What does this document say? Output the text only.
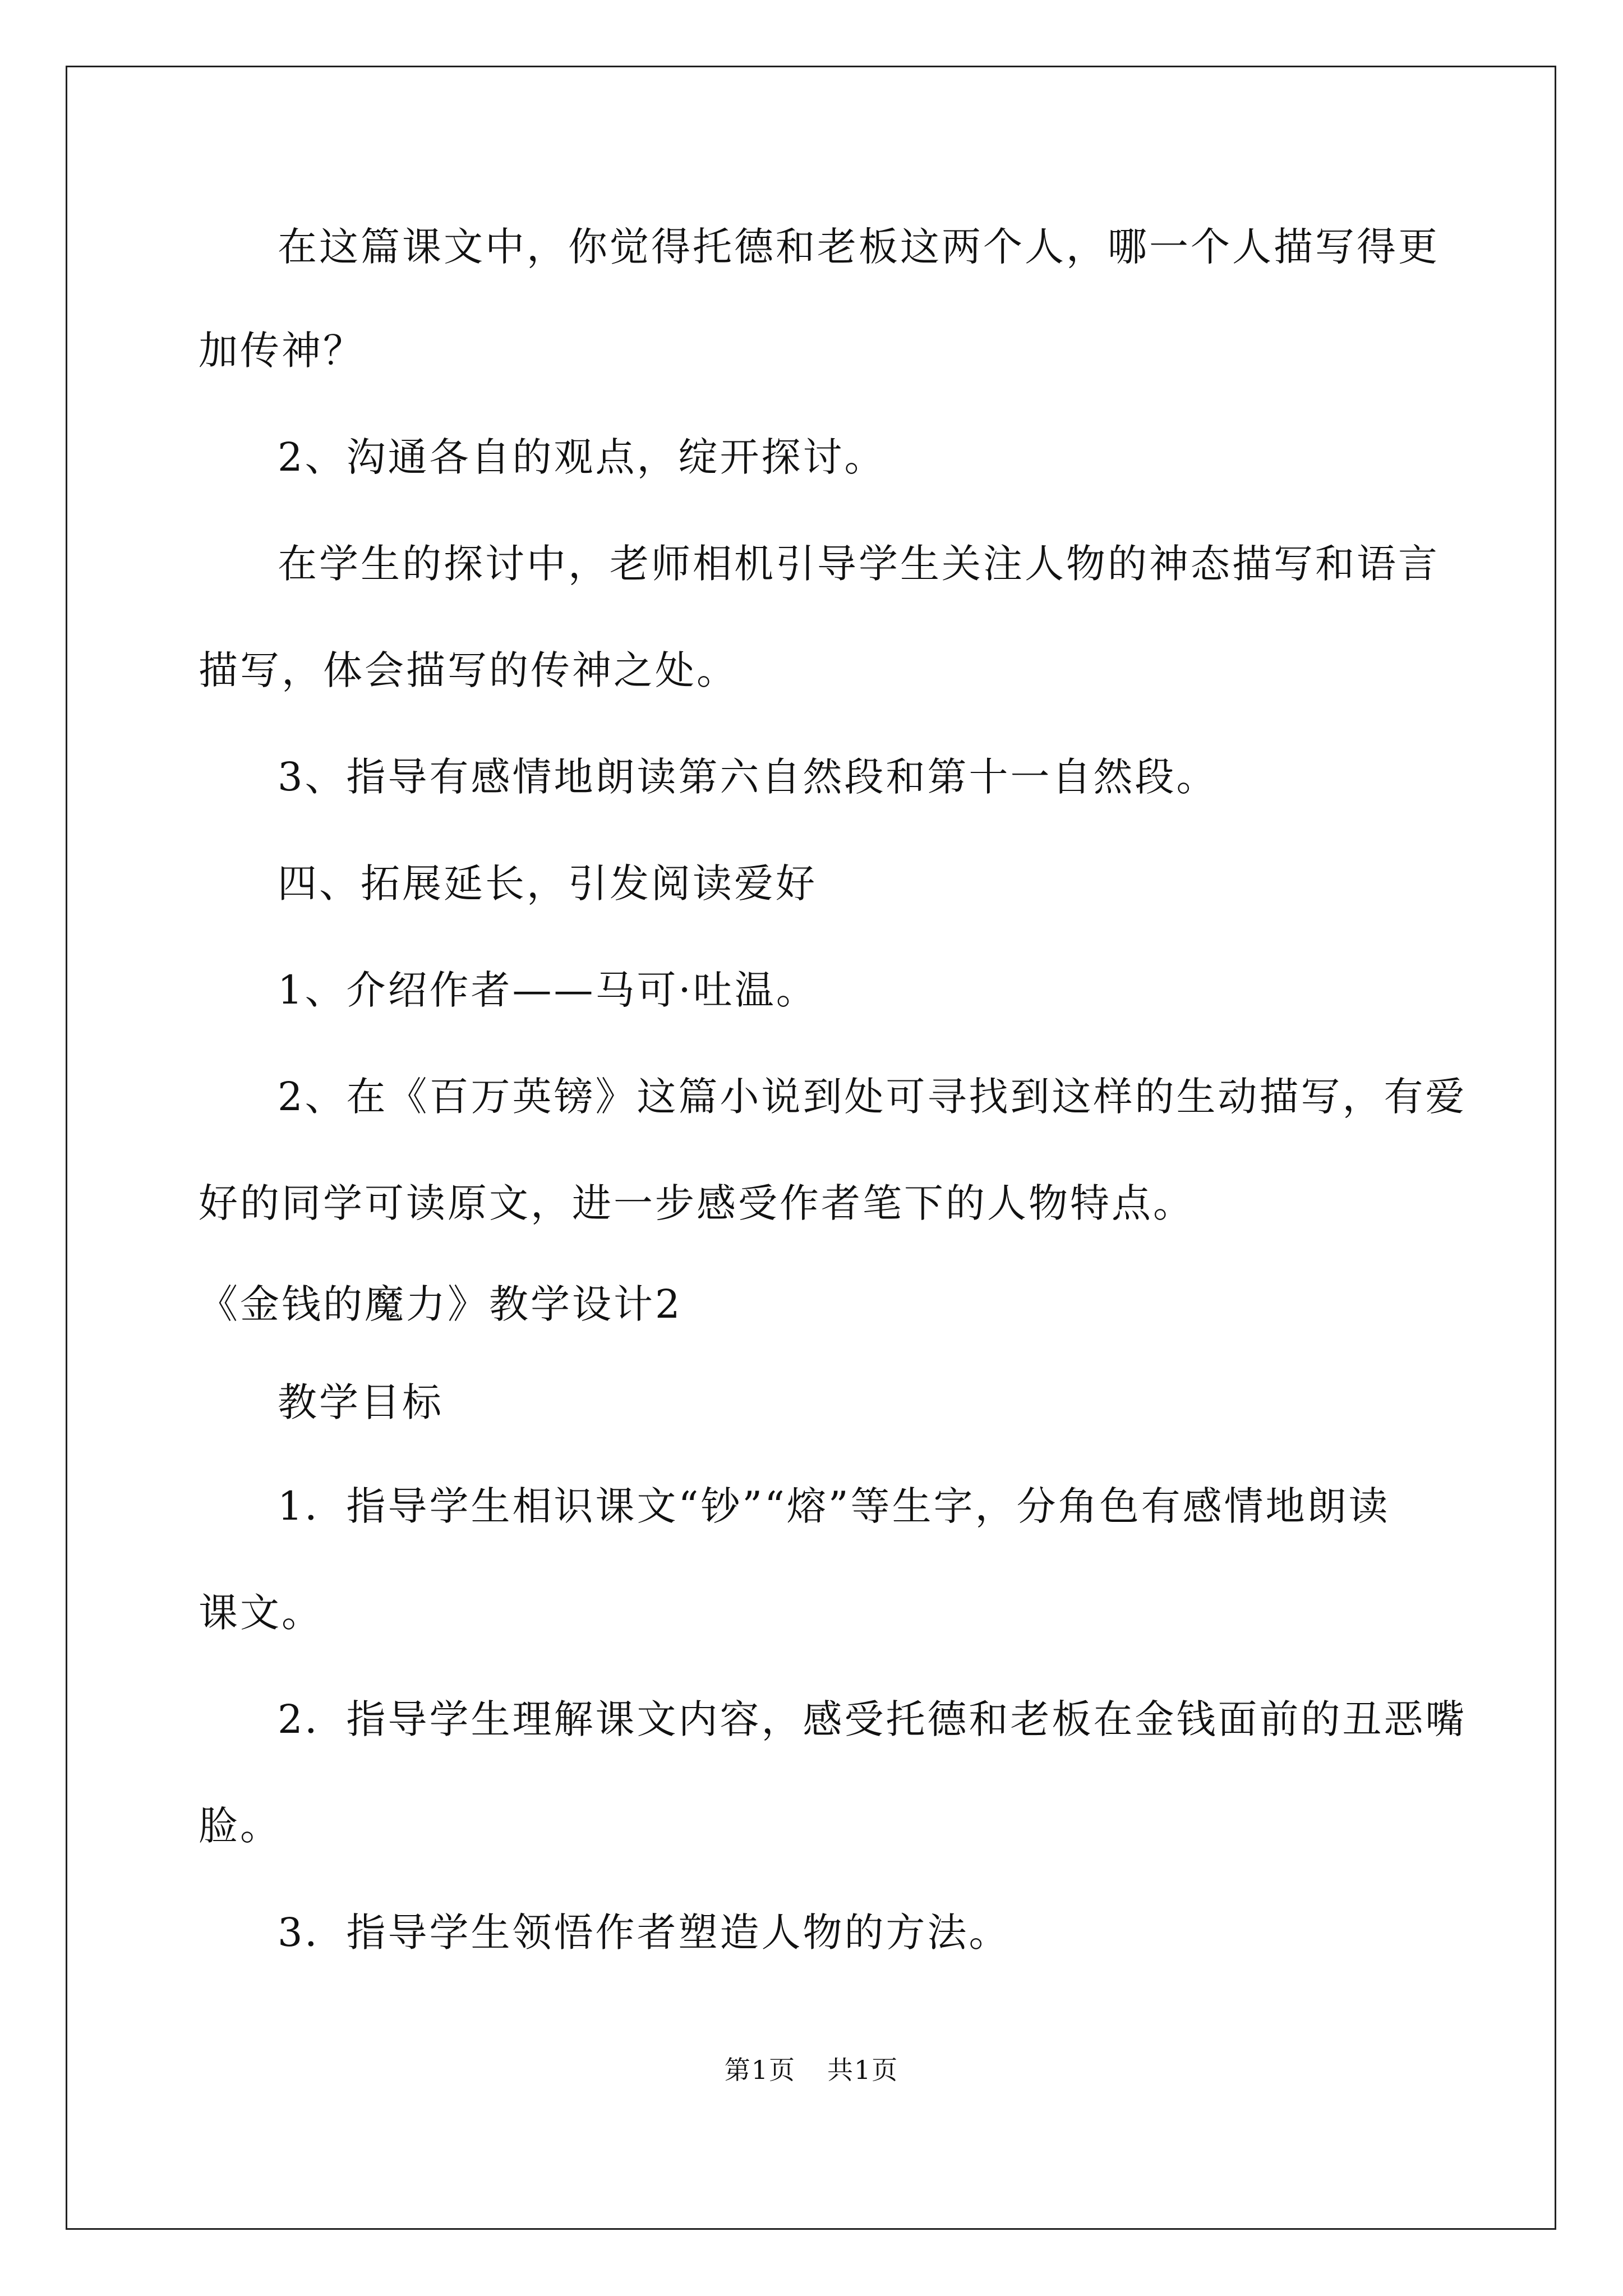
在这篇课文中，你觉得托德和老板这两个人，哪一个人描写得更
加传神？
2、沟通各自的观点，绽开探讨。
在学生的探讨中，老师相机引导学生关注人物的神态描写和语言
描写，体会描写的传神之处。
3、指导有感情地朗读第六自然段和第十一自然段。
四、拓展延长，引发阅读爱好
1、介绍作者——马可·吐温。
2、在《百万英镑》这篇小说到处可寻找到这样的生动描写，有爱
好的同学可读原文，进一步感受作者笔下的人物特点。
《金钱的魔力》教学设计2
教学目标
1．指导学生相识课文“钞”“熔”等生字，分角色有感情地朗读
课文。
2．指导学生理解课文内容，感受托德和老板在金钱面前的丑恶嘴
脸。
3．指导学生领悟作者塑造人物的方法。
第1页 共1页
